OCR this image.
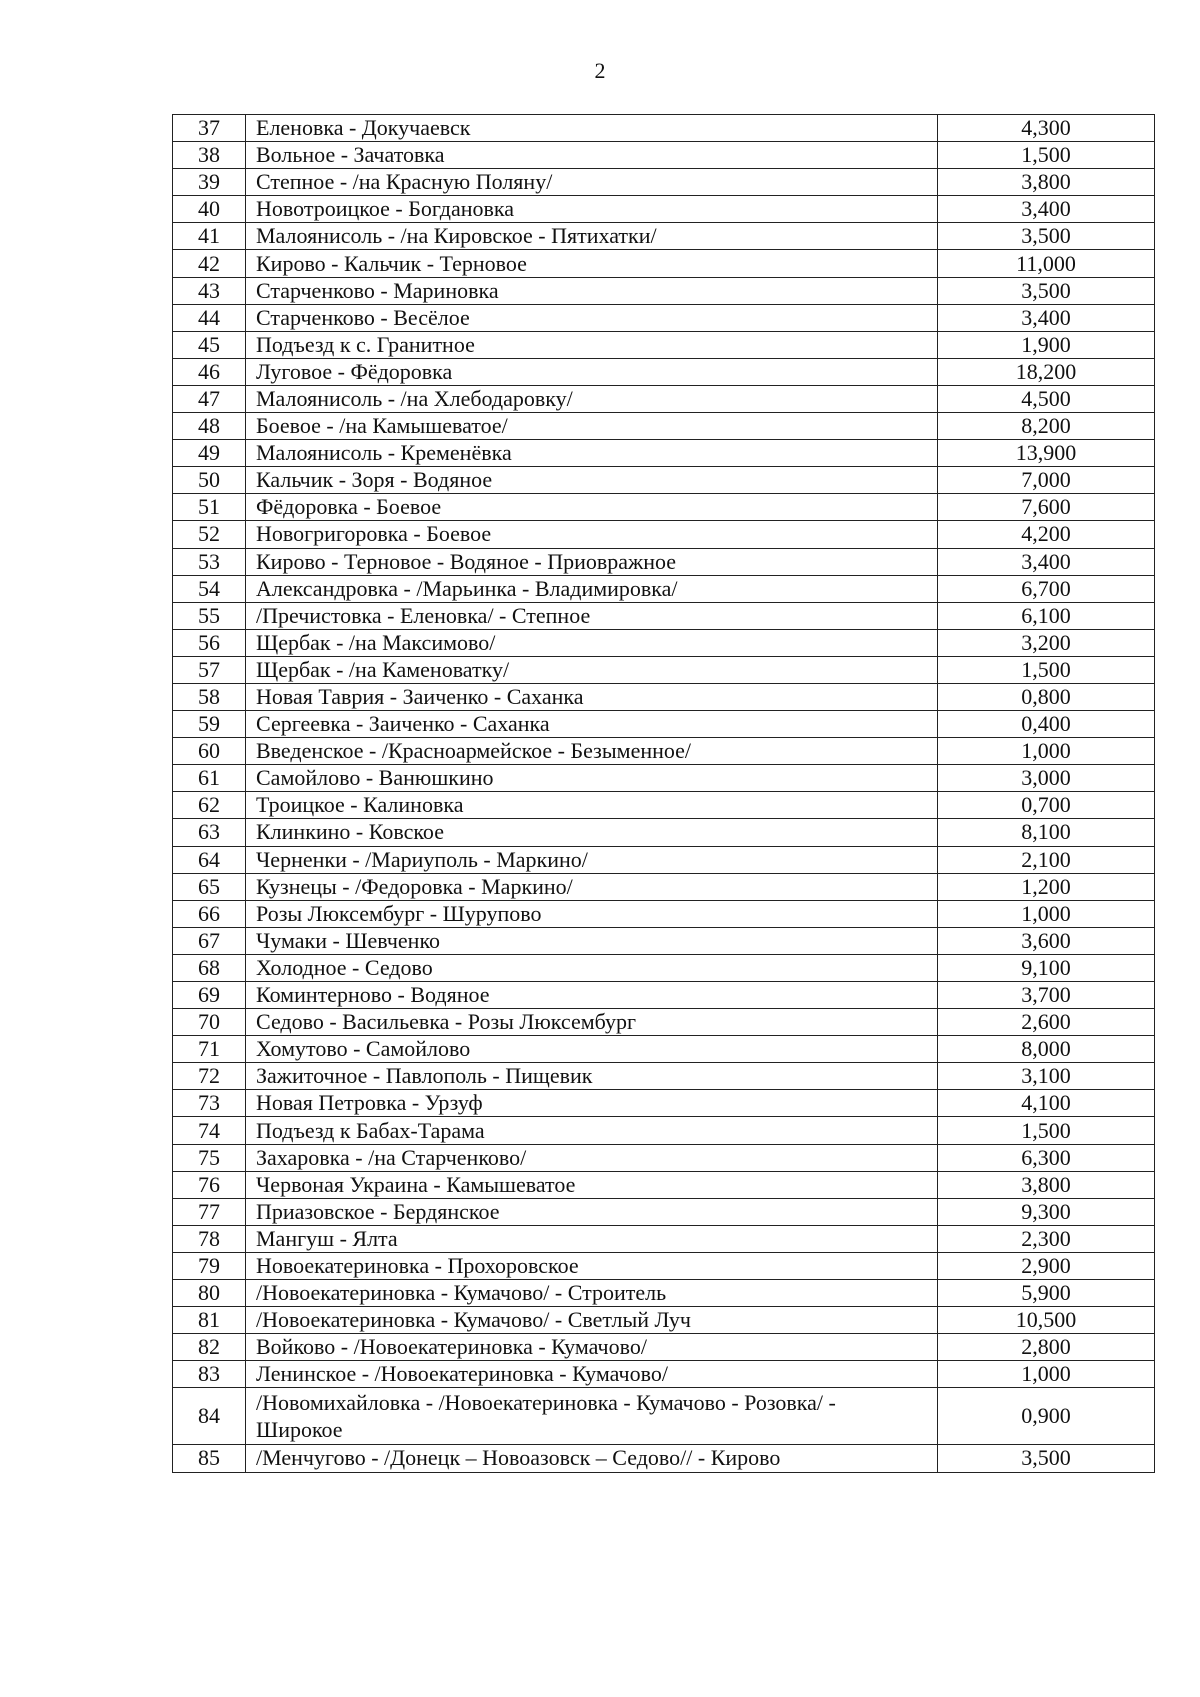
2
37	Еленовка - Докучаевск	4,300
38	Вольное - Зачатовка	1,500
39	Степное - /на Красную Поляну/	3,800
40	Новотроицкое - Богдановка	3,400
41	Малоянисоль - /на Кировское - Пятихатки/	3,500
42	Кирово - Кальчик - Терновое	11,000
43	Старченково - Мариновка	3,500
44	Старченково - Весёлое	3,400
45	Подъезд к с. Гранитное	1,900
46	Луговое - Фёдоровка	18,200
47	Малоянисоль - /на Хлебодаровку/	4,500
48	Боевое - /на Камышеватое/	8,200
49	Малоянисоль - Кременёвка	13,900
50	Кальчик - Зоря - Водяное	7,000
51	Фёдоровка - Боевое	7,600
52	Новогригоровка - Боевое	4,200
53	Кирово - Терновое - Водяное - Приовражное	3,400
54	Александровка - /Марьинка - Владимировка/	6,700
55	/Пречистовка - Еленовка/ - Степное	6,100
56	Щербак - /на Максимово/	3,200
57	Щербак - /на Каменоватку/	1,500
58	Новая Таврия - Заиченко - Саханка	0,800
59	Сергеевка - Заиченко - Саханка	0,400
60	Введенское - /Красноармейское - Безыменное/	1,000
61	Самойлово - Ванюшкино	3,000
62	Троицкое - Калиновка	0,700
63	Клинкино - Ковское	8,100
64	Черненки - /Мариуполь - Маркино/	2,100
65	Кузнецы - /Федоровка - Маркино/	1,200
66	Розы Люксембург - Шурупово	1,000
67	Чумаки - Шевченко	3,600
68	Холодное - Седово	9,100
69	Коминтерново - Водяное	3,700
70	Седово - Васильевка - Розы Люксембург	2,600
71	Хомутово - Самойлово	8,000
72	Зажиточное - Павлополь - Пищевик	3,100
73	Новая Петровка - Урзуф	4,100
74	Подъезд к Бабах-Тарама	1,500
75	Захаровка - /на Старченково/	6,300
76	Червоная Украина - Камышеватое	3,800
77	Приазовское - Бердянское	9,300
78	Мангуш - Ялта	2,300
79	Новоекатериновка - Прохоровское	2,900
80	/Новоекатериновка - Кумачово/ - Строитель	5,900
81	/Новоекатериновка - Кумачово/ - Светлый Луч	10,500
82	Войково - /Новоекатериновка - Кумачово/	2,800
83	Ленинское - /Новоекатериновка - Кумачово/	1,000
84	/Новомихайловка - /Новоекатериновка - Кумачово - Розовка/ - Широкое	0,900
85	/Менчугово - /Донецк – Новоазовск – Седово// - Кирово	3,500
